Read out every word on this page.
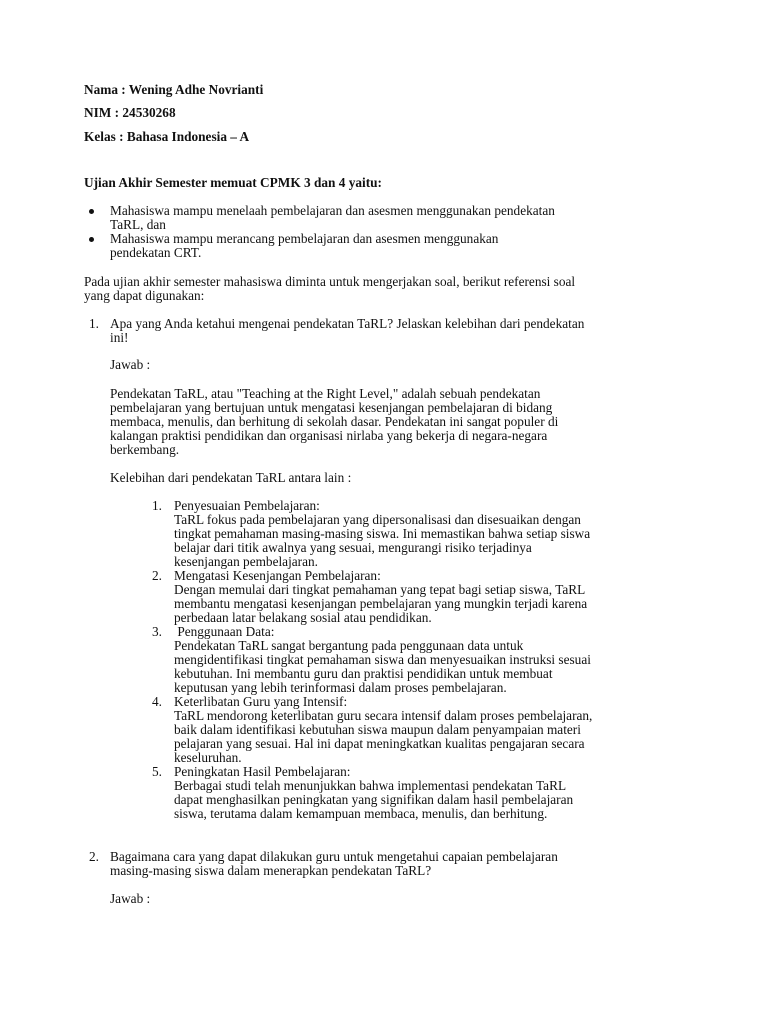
Nama : Wening Adhe Novrianti
NIM : 24530268
Kelas : Bahasa Indonesia – A
Ujian Akhir Semester memuat CPMK 3 dan 4 yaitu:
Mahasiswa mampu menelaah pembelajaran dan asesmen menggunakan pendekatan
TaRL, dan
Mahasiswa mampu merancang pembelajaran dan asesmen menggunakan
pendekatan CRT.
Pada ujian akhir semester mahasiswa diminta untuk mengerjakan soal, berikut referensi soal
yang dapat digunakan:
1. Apa yang Anda ketahui mengenai pendekatan TaRL? Jelaskan kelebihan dari pendekatan
ini!
Jawab :
Pendekatan TaRL, atau "Teaching at the Right Level," adalah sebuah pendekatan
pembelajaran yang bertujuan untuk mengatasi kesenjangan pembelajaran di bidang
membaca, menulis, dan berhitung di sekolah dasar. Pendekatan ini sangat populer di
kalangan praktisi pendidikan dan organisasi nirlaba yang bekerja di negara-negara
berkembang.
Kelebihan dari pendekatan TaRL antara lain :
1. Penyesuaian Pembelajaran:
TaRL fokus pada pembelajaran yang dipersonalisasi dan disesuaikan dengan
tingkat pemahaman masing-masing siswa. Ini memastikan bahwa setiap siswa
belajar dari titik awalnya yang sesuai, mengurangi risiko terjadinya
kesenjangan pembelajaran.
2. Mengatasi Kesenjangan Pembelajaran:
Dengan memulai dari tingkat pemahaman yang tepat bagi setiap siswa, TaRL
membantu mengatasi kesenjangan pembelajaran yang mungkin terjadi karena
perbedaan latar belakang sosial atau pendidikan.
3. Penggunaan Data:
Pendekatan TaRL sangat bergantung pada penggunaan data untuk
mengidentifikasi tingkat pemahaman siswa dan menyesuaikan instruksi sesuai
kebutuhan. Ini membantu guru dan praktisi pendidikan untuk membuat
keputusan yang lebih terinformasi dalam proses pembelajaran.
4. Keterlibatan Guru yang Intensif:
TaRL mendorong keterlibatan guru secara intensif dalam proses pembelajaran,
baik dalam identifikasi kebutuhan siswa maupun dalam penyampaian materi
pelajaran yang sesuai. Hal ini dapat meningkatkan kualitas pengajaran secara
keseluruhan.
5. Peningkatan Hasil Pembelajaran:
Berbagai studi telah menunjukkan bahwa implementasi pendekatan TaRL
dapat menghasilkan peningkatan yang signifikan dalam hasil pembelajaran
siswa, terutama dalam kemampuan membaca, menulis, dan berhitung.
2. Bagaimana cara yang dapat dilakukan guru untuk mengetahui capaian pembelajaran
masing-masing siswa dalam menerapkan pendekatan TaRL?
Jawab :
